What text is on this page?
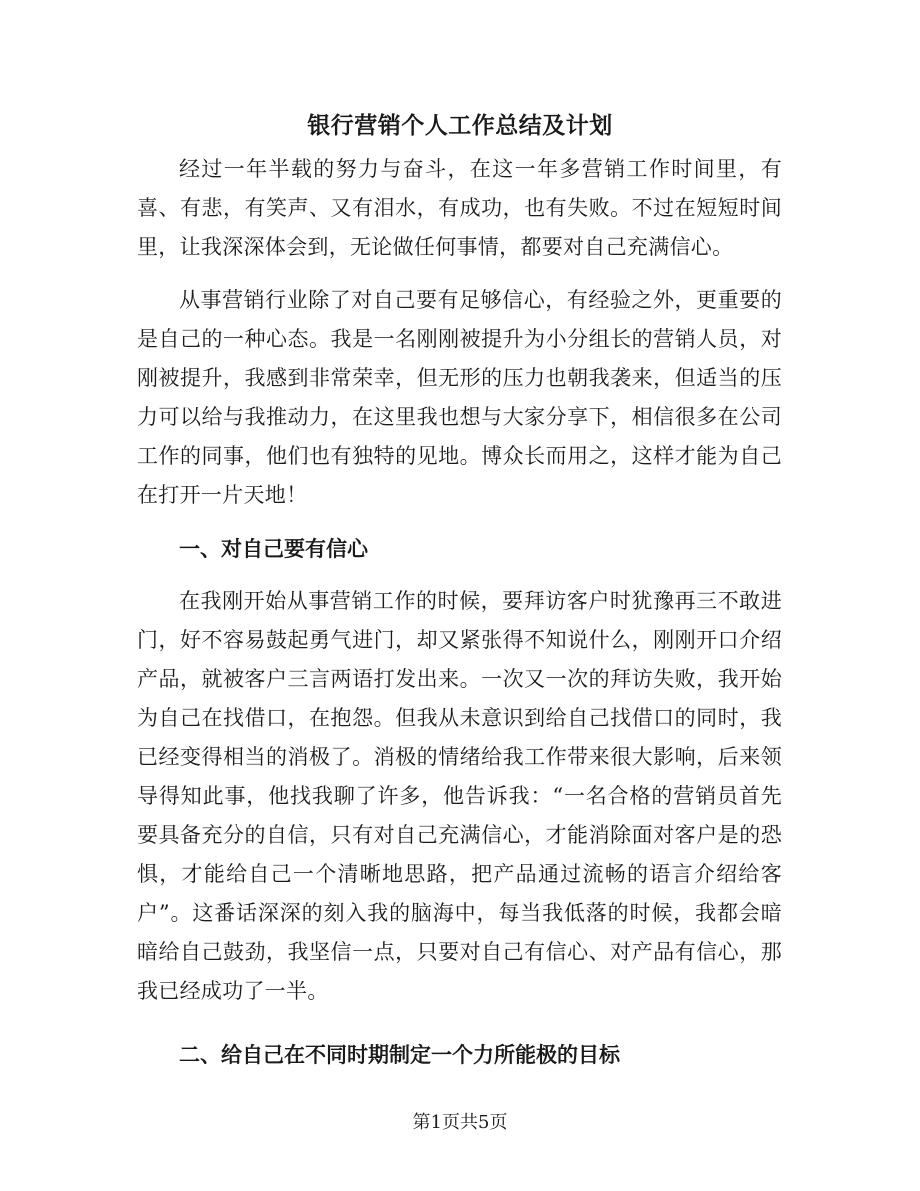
银行营销个人工作总结及计划

经过一年半载的努力与奋斗，在这一年多营销工作时间里，有喜、有悲，有笑声、又有泪水，有成功，也有失败。不过在短短时间里，让我深深体会到，无论做任何事情，都要对自己充满信心。

从事营销行业除了对自己要有足够信心，有经验之外，更重要的是自己的一种心态。我是一名刚刚被提升为小分组长的营销人员，对刚被提升，我感到非常荣幸，但无形的压力也朝我袭来，但适当的压力可以给与我推动力，在这里我也想与大家分享下，相信很多在公司工作的同事，他们也有独特的见地。博众长而用之，这样才能为自己在打开一片天地！

一、对自己要有信心

在我刚开始从事营销工作的时候，要拜访客户时犹豫再三不敢进门，好不容易鼓起勇气进门，却又紧张得不知说什么，刚刚开口介绍产品，就被客户三言两语打发出来。一次又一次的拜访失败，我开始为自己在找借口，在抱怨。但我从未意识到给自己找借口的同时，我已经变得相当的消极了。消极的情绪给我工作带来很大影响，后来领导得知此事，他找我聊了许多，他告诉我：“一名合格的营销员首先要具备充分的自信，只有对自己充满信心，才能消除面对客户是的恐惧，才能给自己一个清晰地思路，把产品通过流畅的语言介绍给客户”。这番话深深的刻入我的脑海中，每当我低落的时候，我都会暗暗给自己鼓劲，我坚信一点，只要对自己有信心、对产品有信心，那我已经成功了一半。

二、给自己在不同时期制定一个力所能极的目标

第1页共5页
